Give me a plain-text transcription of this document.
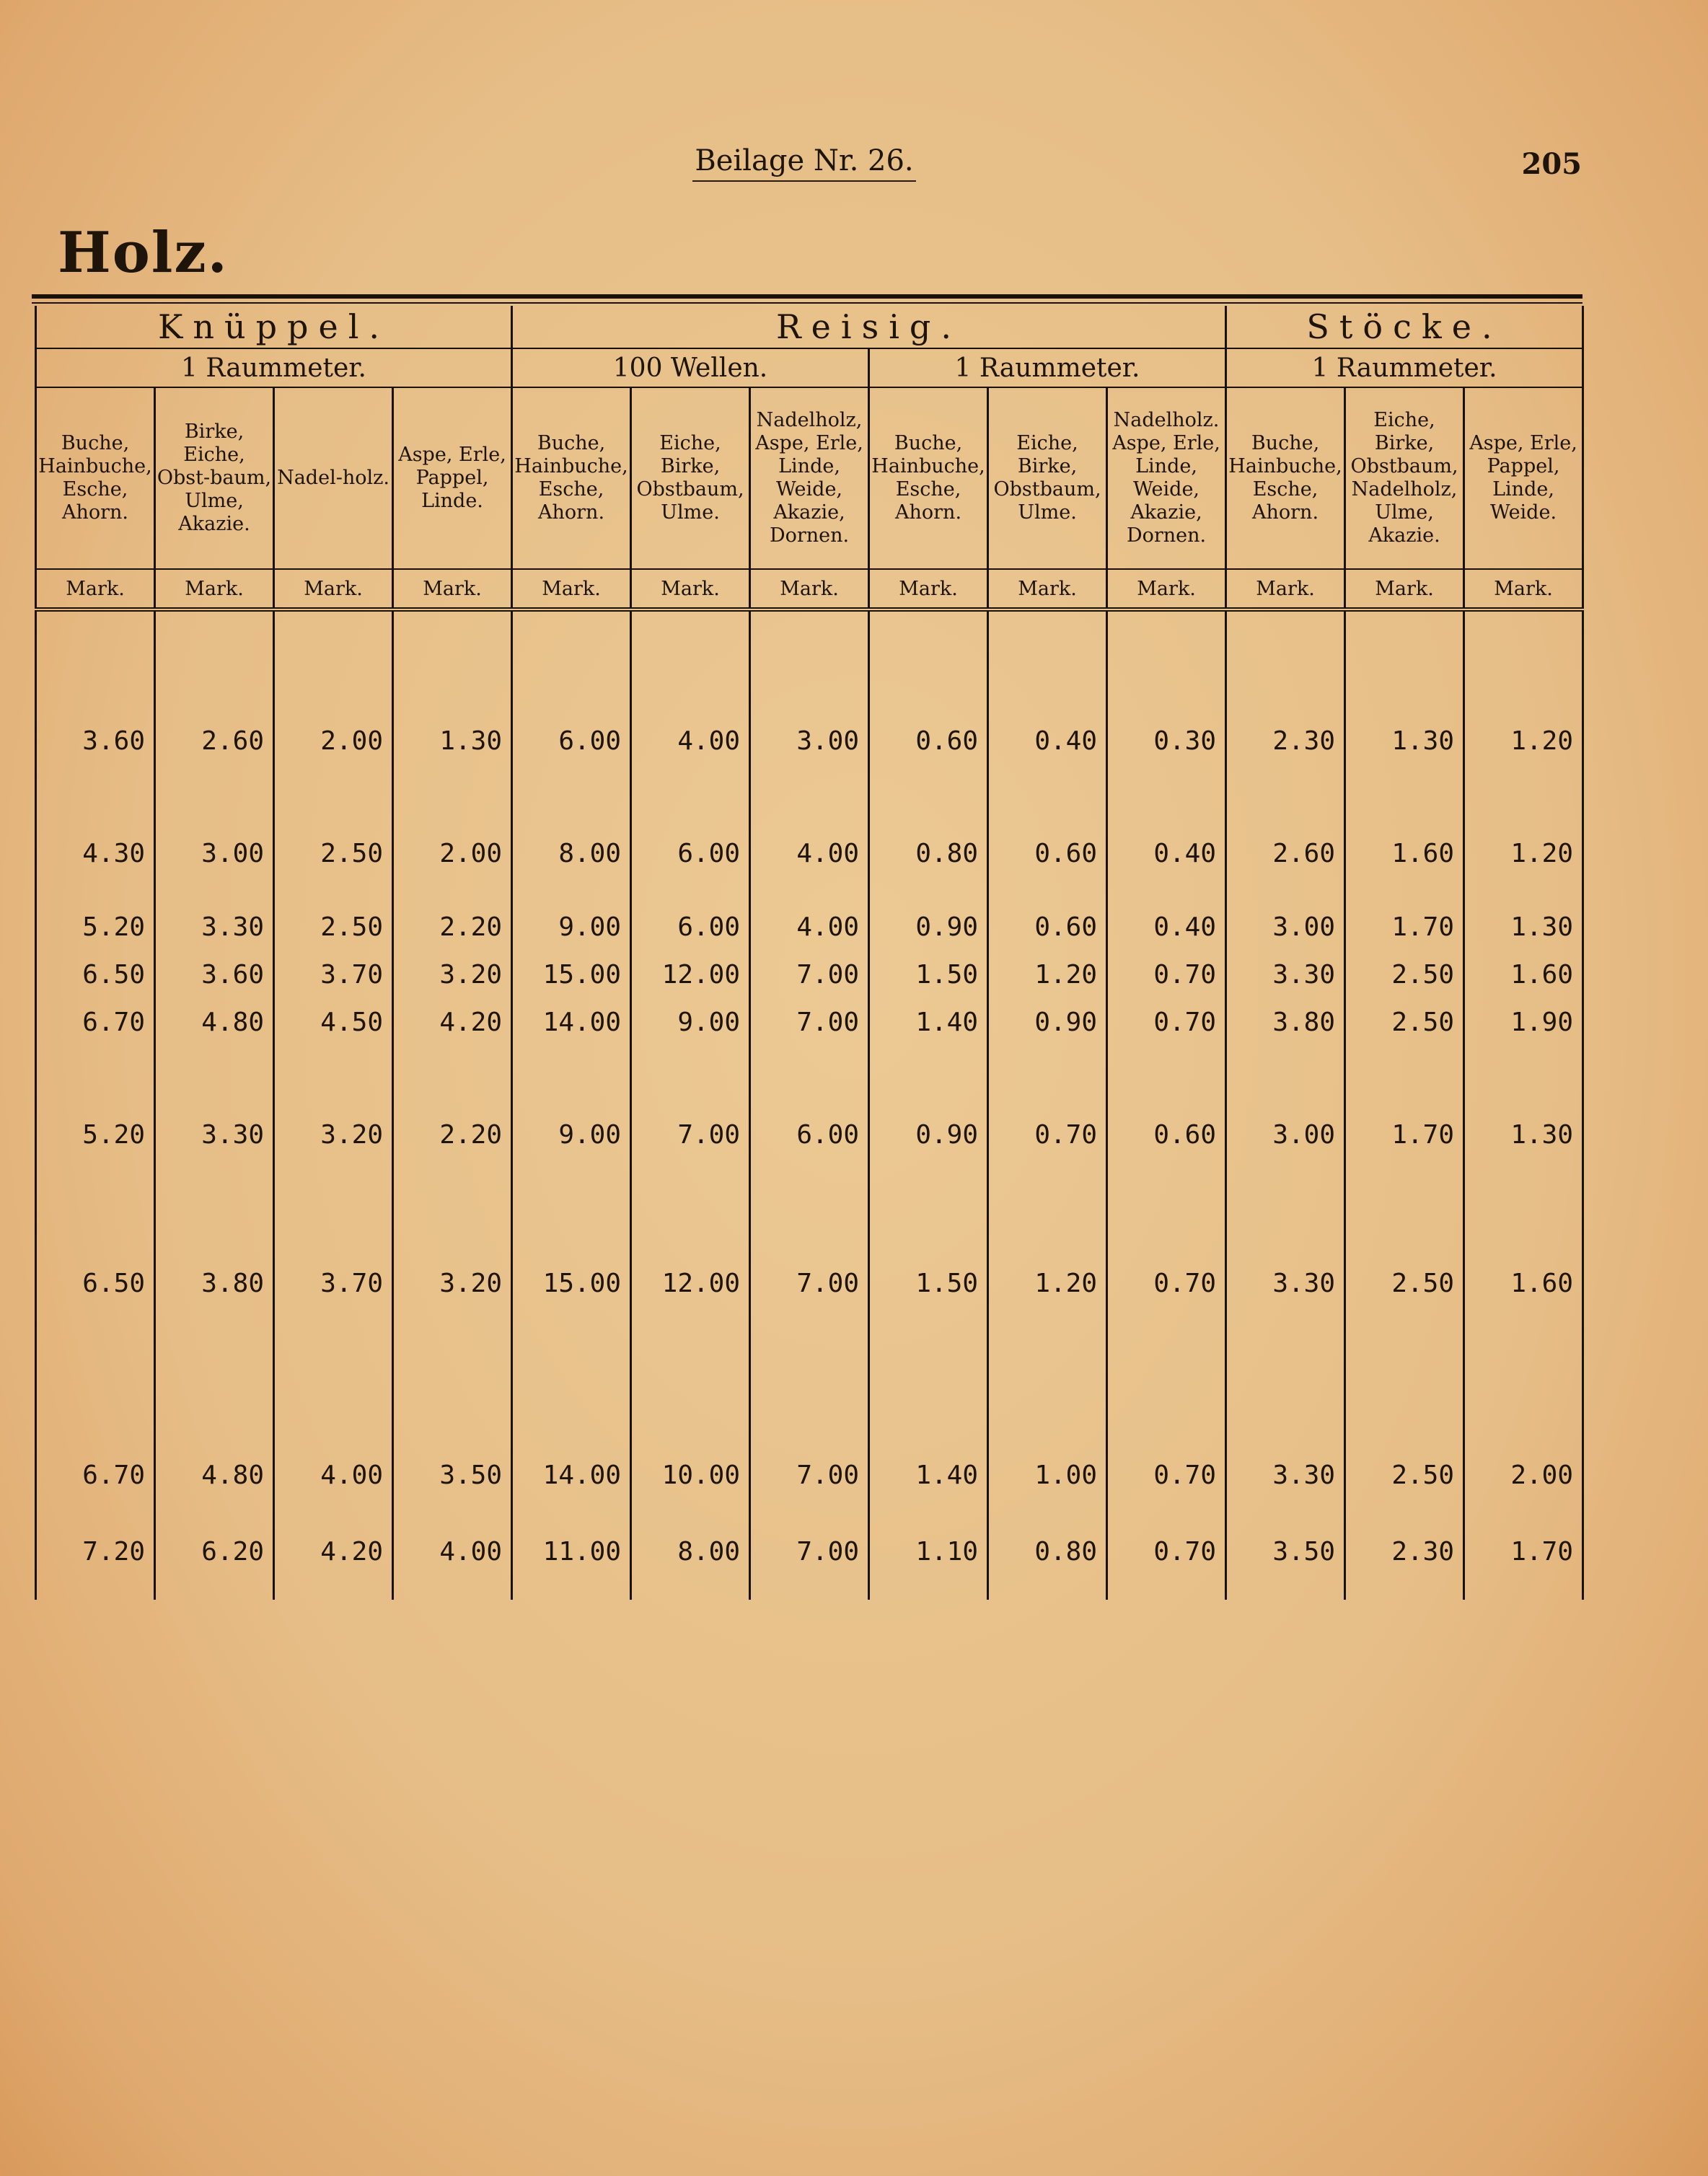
Beilage Nr. 26.	205
Holz.
Knüppel.				Reisig.						Stöcke.		
1 Raummeter.				100 Wellen.			1 Raummeter.			1 Raummeter.		
Buche, Hainbuche, Esche, Ahorn.	Birke, Eiche, Obst-baum, Ulme, Akazie.	Nadel-holz.	Aspe, Erle, Pappel, Linde.	Buche, Hainbuche, Esche, Ahorn.	Eiche, Birke, Obstbaum, Ulme.	Nadelholz, Aspe, Erle, Linde, Weide, Akazie, Dornen.	Buche, Hainbuche, Esche, Ahorn.	Eiche, Birke, Obstbaum, Ulme.	Nadelholz. Aspe, Erle, Linde, Weide, Akazie, Dornen.	Buche, Hainbuche, Esche, Ahorn.	Eiche, Birke, Obstbaum, Nadelholz, Ulme, Akazie.	Aspe, Erle, Pappel, Linde, Weide.
Mark.	Mark.	Mark.	Mark.	Mark.	Mark.	Mark.	Mark.	Mark.	Mark.	Mark.	Mark.	Mark.
3.60	2.60	2.00	1.30	6.00	4.00	3.00	0.60	0.40	0.30	2.30	1.30	1.20
4.30	3.00	2.50	2.00	8.00	6.00	4.00	0.80	0.60	0.40	2.60	1.60	1.20
5.20	3.30	2.50	2.20	9.00	6.00	4.00	0.90	0.60	0.40	3.00	1.70	1.30
6.50	3.60	3.70	3.20	15.00	12.00	7.00	1.50	1.20	0.70	3.30	2.50	1.60
6.70	4.80	4.50	4.20	14.00	9.00	7.00	1.40	0.90	0.70	3.80	2.50	1.90
5.20	3.30	3.20	2.20	9.00	7.00	6.00	0.90	0.70	0.60	3.00	1.70	1.30
6.50	3.80	3.70	3.20	15.00	12.00	7.00	1.50	1.20	0.70	3.30	2.50	1.60
6.70	4.80	4.00	3.50	14.00	10.00	7.00	1.40	1.00	0.70	3.30	2.50	2.00
7.20	6.20	4.20	4.00	11.00	8.00	7.00	1.10	0.80	0.70	3.50	2.30	1.70
